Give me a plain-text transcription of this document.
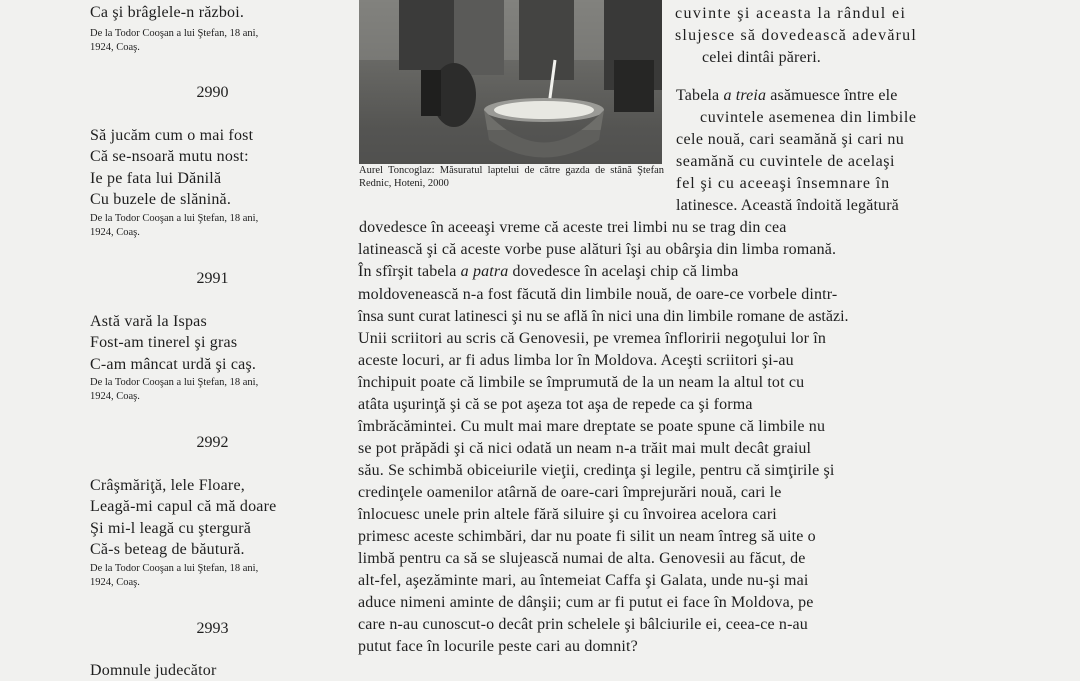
Ca şi brâglele-n război.
De la Todor Cooşan a lui Ştefan, 18 ani,
1924, Coaş.
2990
Să jucăm cum o mai fost
Că se-nsoară mutu nost:
Ie pe fata lui Dănilă
Cu buzele de slănină.
De la Todor Cooşan a lui Ştefan, 18 ani,
1924, Coaş.
2991
Astă vară la Ispas
Fost-am tinerel şi gras
C-am mâncat urdă şi caş.
De la Todor Cooşan a lui Ştefan, 18 ani,
1924, Coaş.
2992
Crâşmăriţă, lele Floare,
Leagă-mi capul că mă doare
Şi mi-l leagă cu ştergură
Că-s beteag de băutură.
De la Todor Cooşan a lui Ştefan, 18 ani,
1924, Coaş.
2993
Domnule judecător
Aurel Toncoglaz: Măsuratul laptelui de către gazda de stână Ştefan Rednic, Hoteni, 2000
cuvinte şi aceasta la rândul ei
slujesce să dovedească adevărul
celei dintâi păreri.
Tabela a treia asămuesce între ele
cuvintele asemenea din limbile
cele nouă, cari seamănă şi cari nu
seamănă cu cuvintele de acelaşi
fel şi cu aceeaşi însemnare în
latinesce. Această îndoită legătură
dovedesce în aceeaşi vreme că aceste trei limbi nu se trag din cea
latinească şi că aceste vorbe puse alături îşi au obârşia din limba romană.
În sfîrşit tabela a patra dovedesce în acelaşi chip că limba
moldovenească n-a fost făcută din limbile nouă, de oare-ce vorbele dintr-
însa sunt curat latinesci şi nu se află în nici una din limbile romane de astăzi.
Unii scriitori au scris că Genovesii, pe vremea înfloririi negoţului lor în
aceste locuri, ar fi adus limba lor în Moldova. Aceşti scriitori şi-au
închipuit poate că limbile se împrumută de la un neam la altul tot cu
atâta uşurinţă şi că se pot aşeza tot aşa de repede ca şi forma
îmbrăcămintei. Cu mult mai mare dreptate se poate spune că limbile nu
se pot prăpădi şi că nici odată un neam n-a trăit mai mult decât graiul
său. Se schimbă obiceiurile vieţii, credinţa şi legile, pentru că simţirile şi
credinţele oamenilor atârnă de oare-cari împrejurări nouă, cari le
înlocuesc unele prin altele fără siluire şi cu învoirea acelora cari
primesc aceste schimbări, dar nu poate fi silit un neam întreg să uite o
limbă pentru ca să se slujească numai de alta. Genovesii au făcut, de
alt-fel, aşezăminte mari, au întemeiat Caffa şi Galata, unde nu-şi mai
aduce nimeni aminte de dânşii; cum ar fi putut ei face în Moldova, pe
care n-au cunoscut-o decât prin schelele şi bâlciurile ei, ceea-ce n-au
putut face în locurile peste cari au domnit?
